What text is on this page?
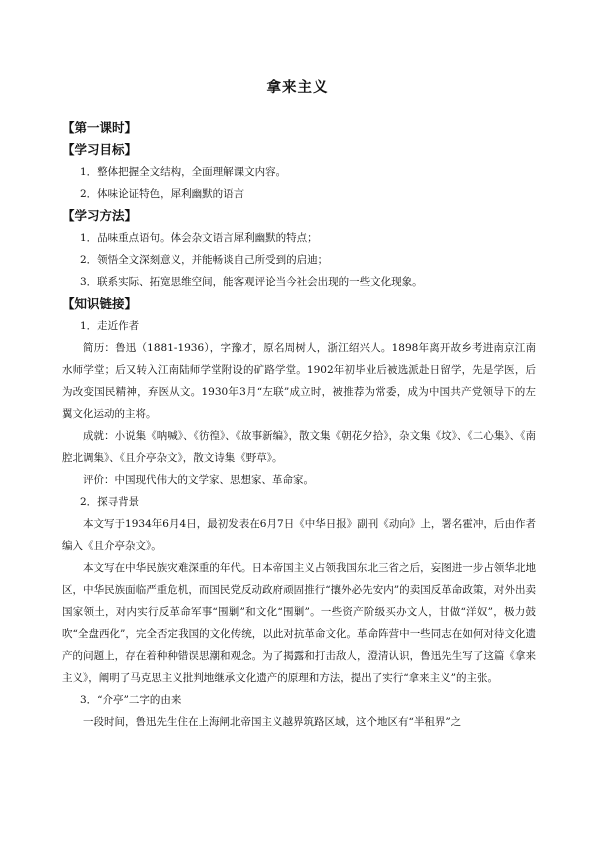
拿来主义
【第一课时】
【学习目标】
1．整体把握全文结构，全面理解课文内容。
2．体味论证特色，犀利幽默的语言
【学习方法】
1．品味重点语句。体会杂文语言犀利幽默的特点；
2．领悟全文深刻意义，并能畅谈自己所受到的启迪；
3．联系实际、拓宽思维空间，能客观评论当今社会出现的一些文化现象。
【知识链接】
1．走近作者

简历：鲁迅（1881-1936），字豫才，原名周树人，浙江绍兴人。1898年离开故乡考进南京江南水师学堂；后又转入江南陆师学堂附设的矿路学堂。1902年初毕业后被选派赴日留学，先是学医，后为改变国民精神，弃医从文。1930年3月“左联”成立时，被推荐为常委，成为中国共产党领导下的左翼文化运动的主将。

成就：小说集《呐喊》、《彷徨》、《故事新编》，散文集《朝花夕拾》，杂文集《坟》、《二心集》、《南腔北调集》、《且介亭杂文》，散文诗集《野草》。

评价：中国现代伟大的文学家、思想家、革命家。

2．探寻背景

本文写于1934年6月4日，最初发表在6月7日《中华日报》副刊《动向》上，署名霍冲，后由作者编入《且介亭杂文》。

本文写在中华民族灾难深重的年代。日本帝国主义占领我国东北三省之后，妄图进一步占领华北地区，中华民族面临严重危机，而国民党反动政府顽固推行“攘外必先安内”的卖国反革命政策，对外出卖国家领土，对内实行反革命军事“围剿”和文化“围剿”。一些资产阶级买办文人，甘做“洋奴”，极力鼓吹“全盘西化”，完全否定我国的文化传统，以此对抗革命文化。革命阵营中一些同志在如何对待文化遗产的问题上，存在着种种错误思潮和观念。为了揭露和打击敌人，澄清认识，鲁迅先生写了这篇《拿来主义》，阐明了马克思主义批判地继承文化遗产的原理和方法，提出了实行“拿来主义”的主张。

3．“介亭”二字的由来

一段时间，鲁迅先生住在上海闸北帝国主义越界筑路区域，这个地区有“半租界”之
